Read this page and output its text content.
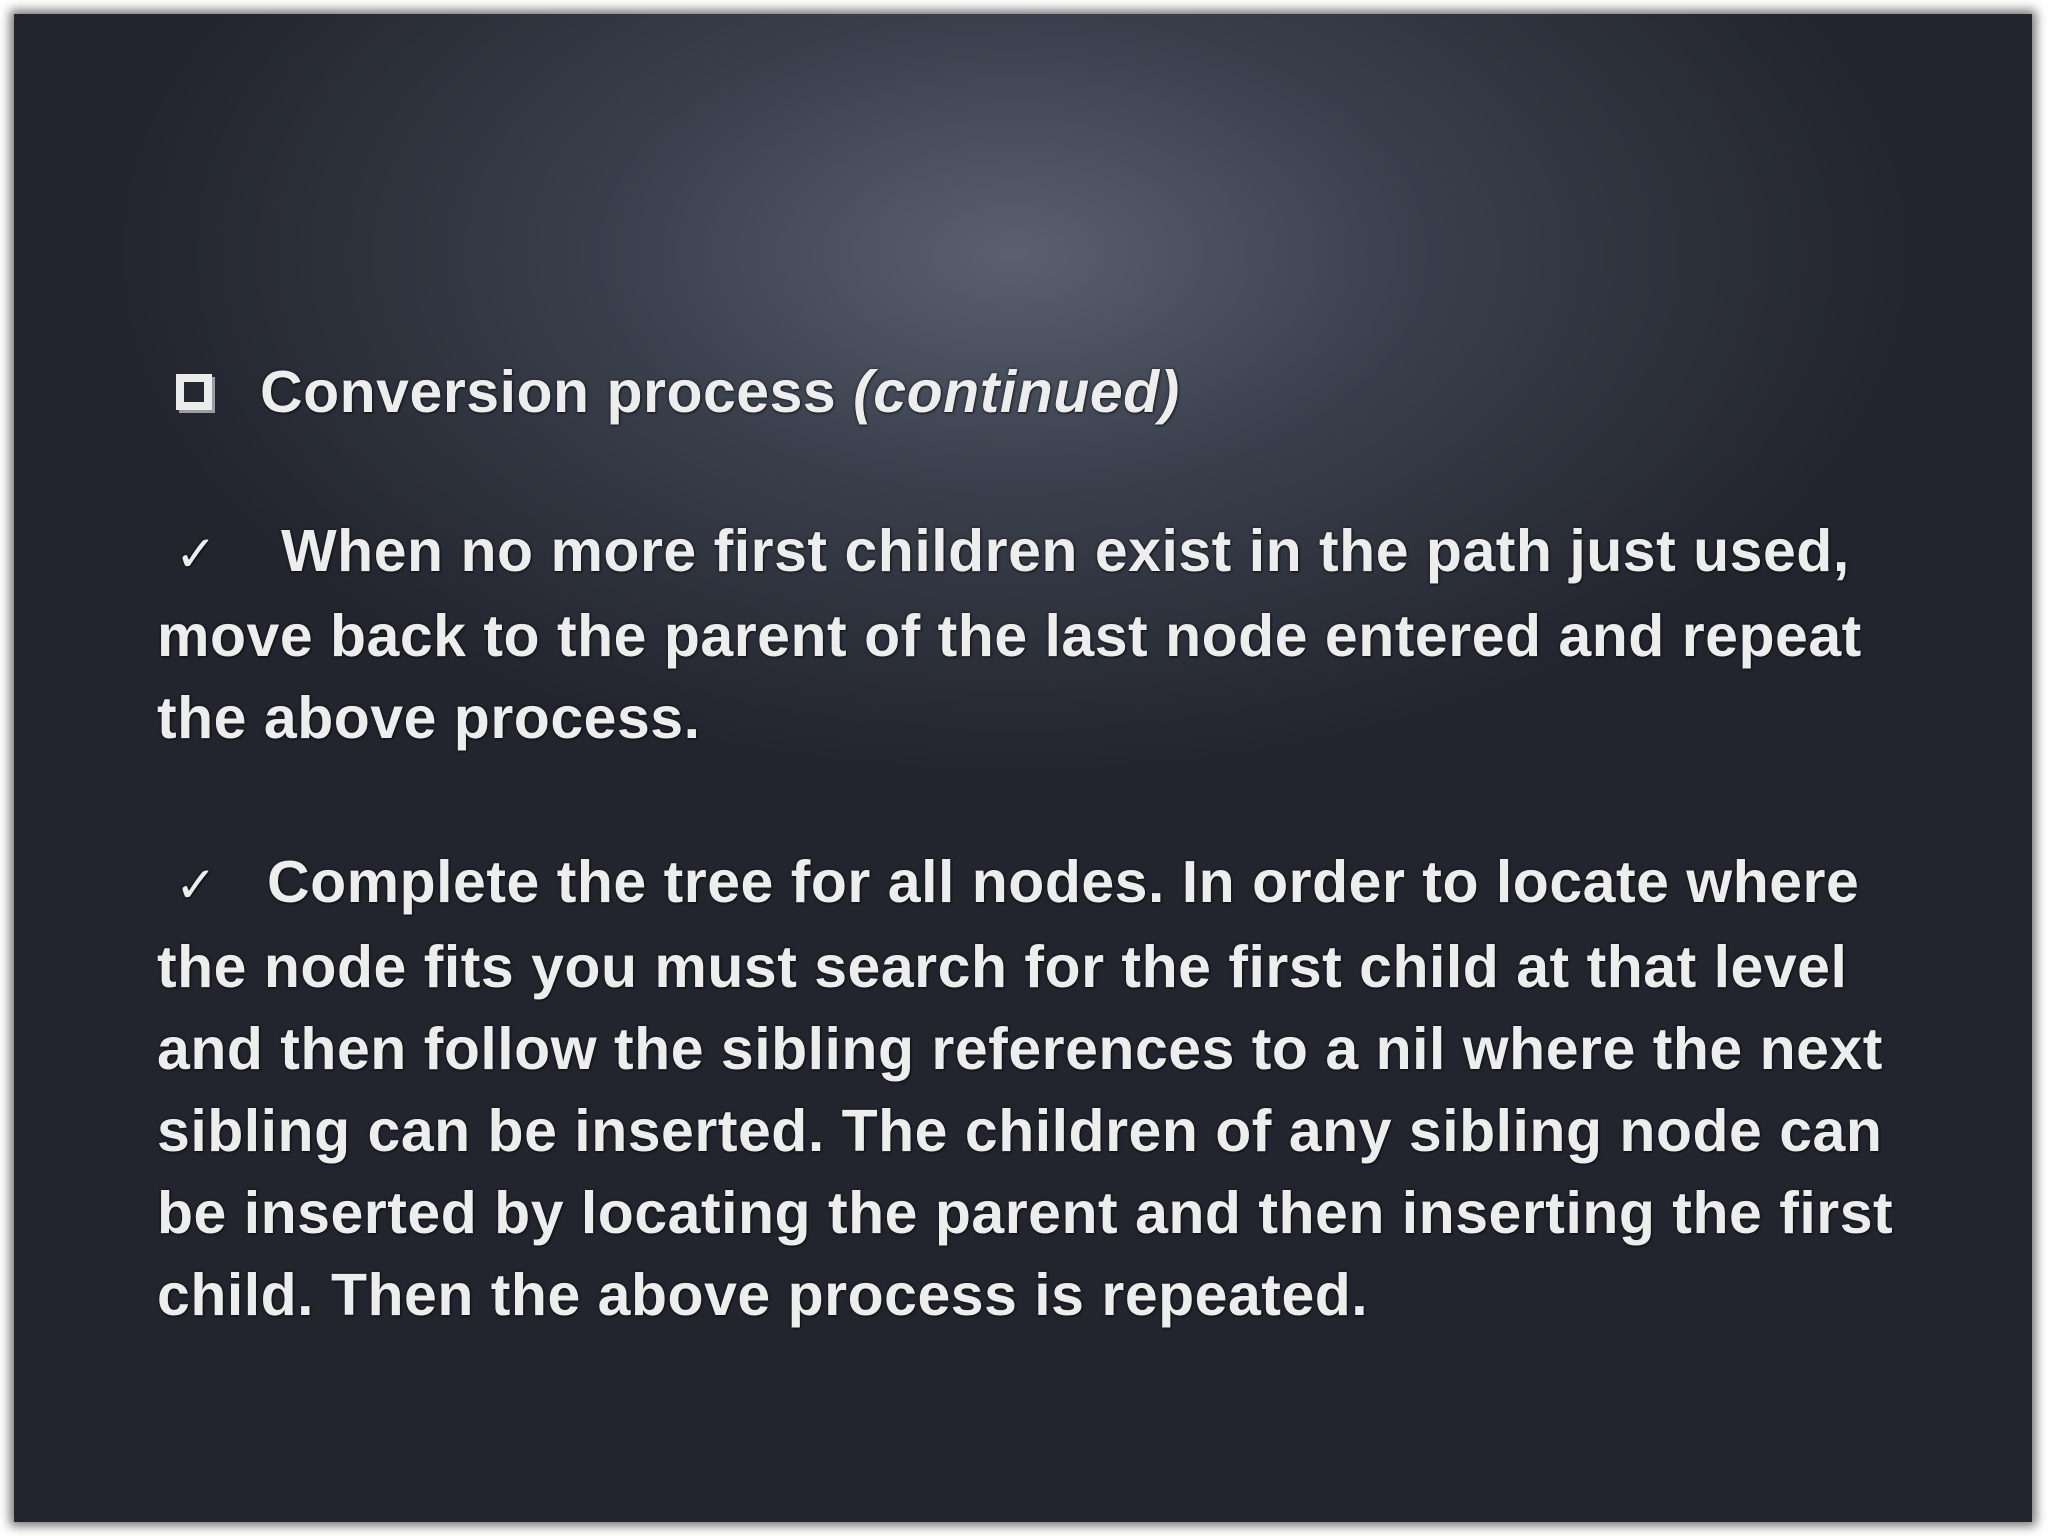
Conversion process (continued)
✓ When no more first children exist in the path just used, move back to the parent of the last node entered and repeat the above process.
✓ Complete the tree for all nodes. In order to locate where the node fits you must search for the first child at that level and then follow the sibling references to a nil where the next sibling can be inserted. The children of any sibling node can be inserted by locating the parent and then inserting the first child. Then the above process is repeated.
